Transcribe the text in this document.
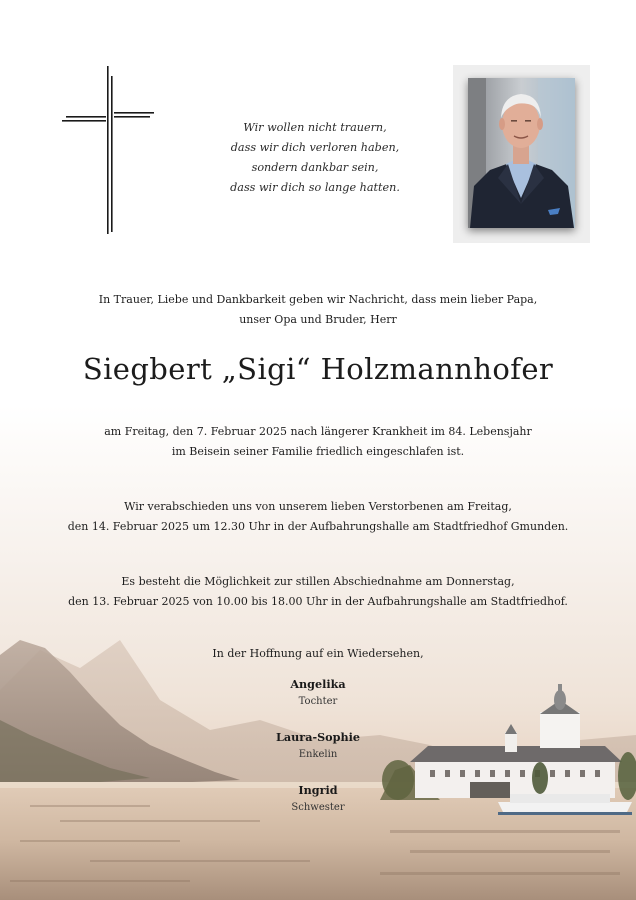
Wir wollen nicht trauern,
dass wir dich verloren haben,
sondern dankbar sein,
dass wir dich so lange hatten.
In Trauer, Liebe und Dankbarkeit geben wir Nachricht, dass mein lieber Papa,
unser Opa und Bruder, Herr
Siegbert „Sigi“ Holzmannhofer
am Freitag, den 7. Februar 2025 nach längerer Krankheit im 84. Lebensjahr
im Beisein seiner Familie friedlich eingeschlafen ist.
Wir verabschieden uns von unserem lieben Verstorbenen am Freitag,
den 14. Februar 2025 um 12.30 Uhr in der Aufbahrungshalle am Stadtfriedhof Gmunden.
Es besteht die Möglichkeit zur stillen Abschiednahme am Donnerstag,
den 13. Februar 2025 von 10.00 bis 18.00 Uhr in der Aufbahrungshalle am Stadtfriedhof.
In der Hoffnung auf ein Wiedersehen,
Angelika
Tochter
Laura-Sophie
Enkelin
Ingrid
Schwester
